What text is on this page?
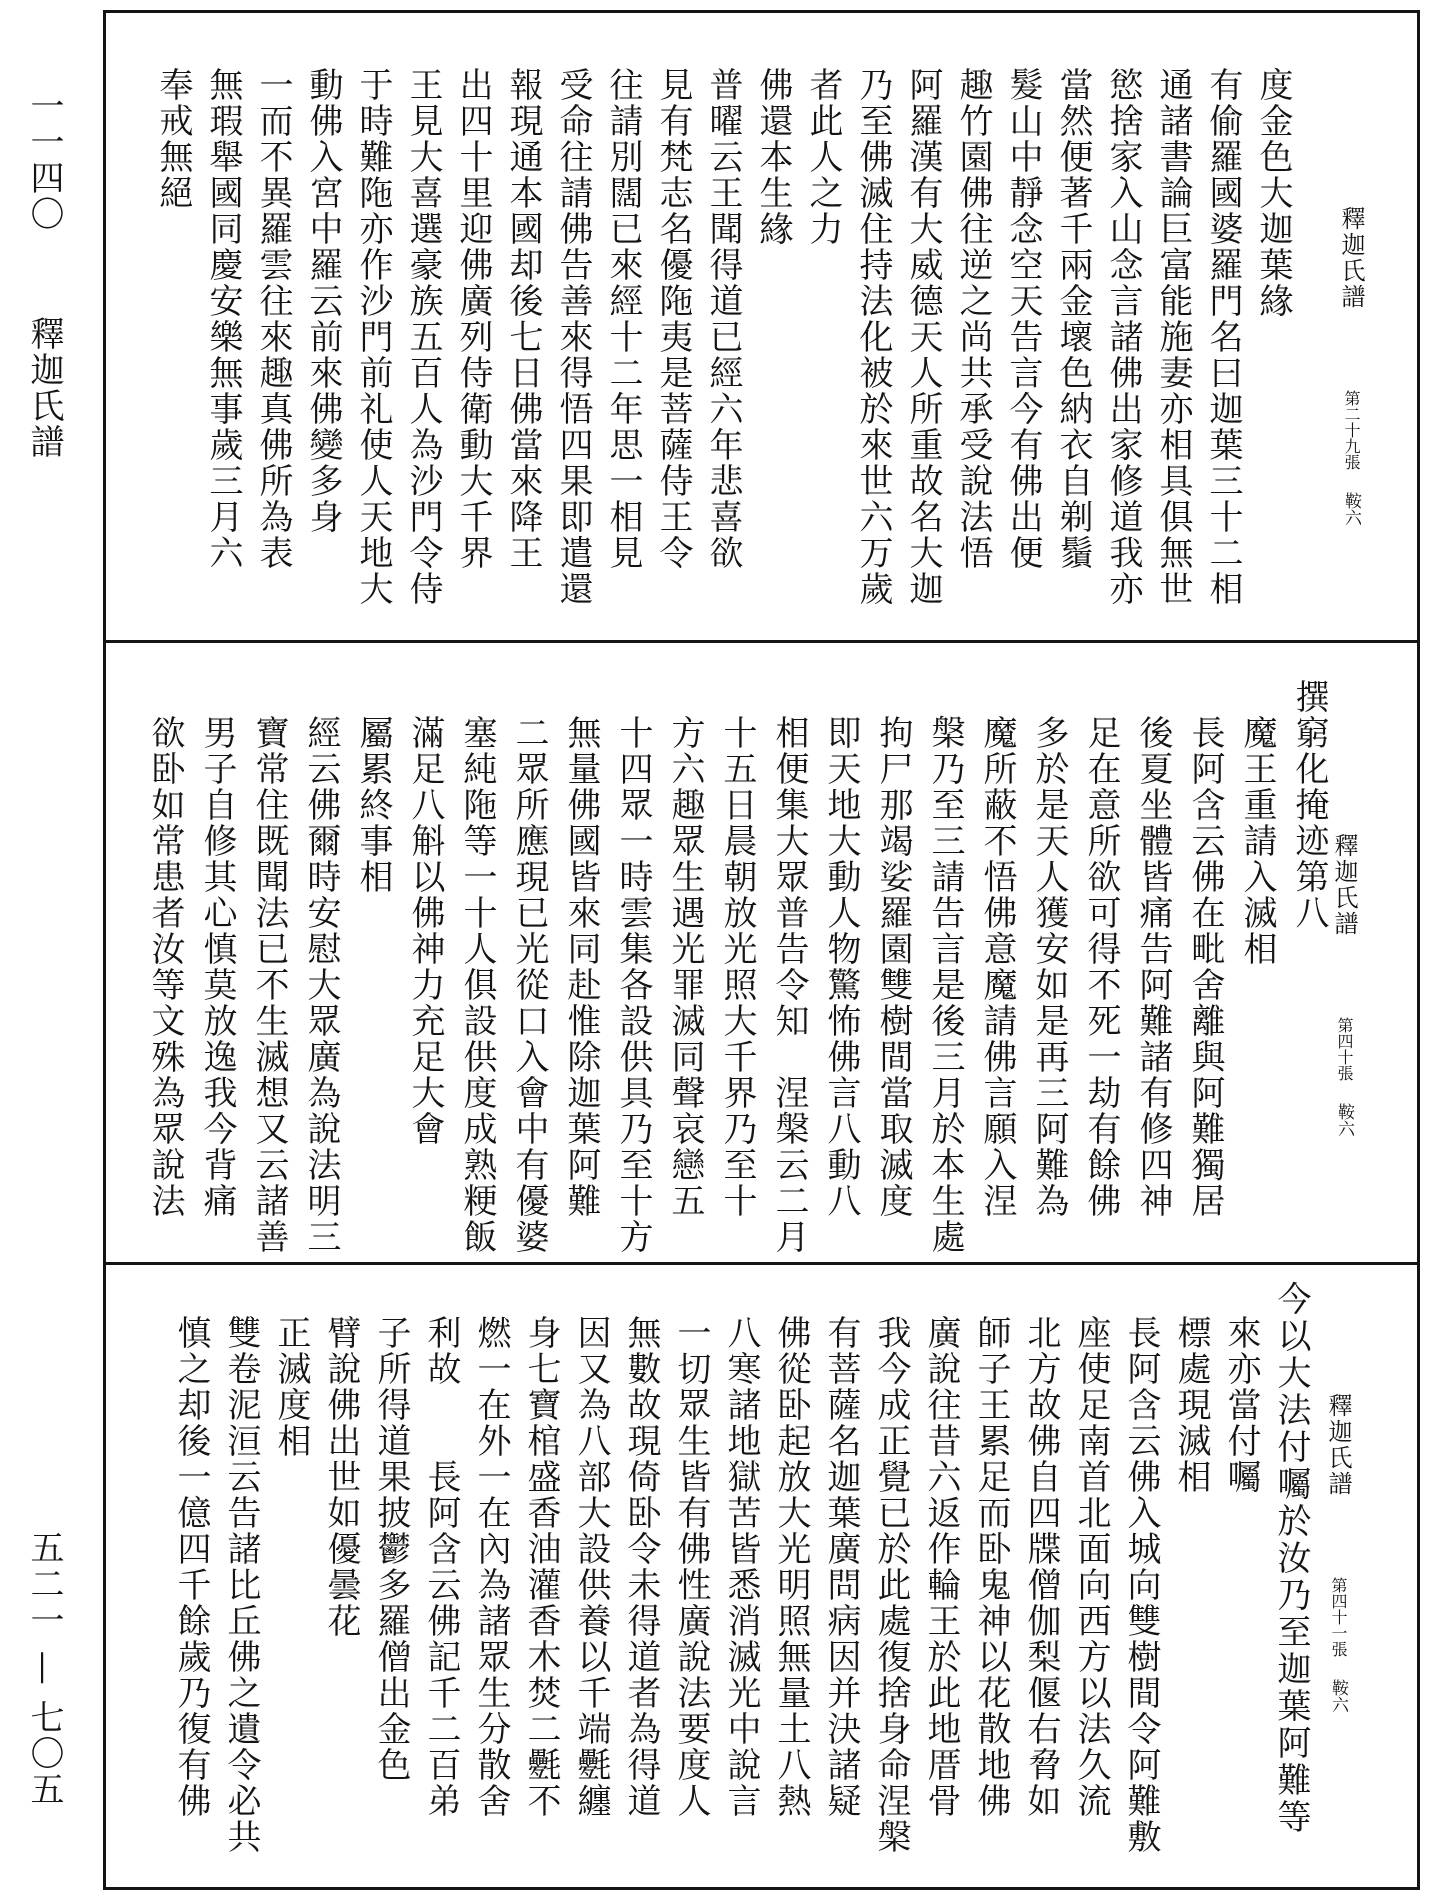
一一四〇
釋迦氏譜
五二一 — 七〇五
釋迦氏譜
第二十九張
鞍六
度金色大迦葉緣
有偷羅國婆羅門名曰迦葉三十二相
通諸書論巨富能施妻亦相具俱無世
慾捨家入山念言諸佛出家修道我亦
當然便著千兩金壞色納衣自剃鬚
髮山中靜念空天告言今有佛出便
趣竹園佛往逆之尚共承受說法悟
阿羅漢有大威德天人所重故名大迦
乃至佛滅住持法化被於來世六万歲
者此人之力
佛還本生緣
普曜云王聞得道已經六年悲喜欲
見有梵志名優陁夷是菩薩侍王令
往請別闊已來經十二年思一相見
受命往請佛告善來得悟四果即遣還
報現通本國却後七日佛當來降王
出四十里迎佛廣列侍衛動大千界
王見大喜選豪族五百人為沙門令侍
于時難陁亦作沙門前礼使人天地大
動佛入宮中羅云前來佛變多身
一而不異羅雲往來趣真佛所為表
無瑕舉國同慶安樂無事歲三月六
奉戒無絕
釋迦氏譜
第四十張
鞍六
撰窮化掩迹第八
魔王重請入滅相
長阿含云佛在毗舍離與阿難獨居
後夏坐體皆痛告阿難諸有修四神
足在意所欲可得不死一劫有餘佛
多於是天人獲安如是再三阿難為
魔所蔽不悟佛意魔請佛言願入涅
槃乃至三請告言是後三月於本生處
拘尸那竭娑羅園雙樹間當取滅度
即天地大動人物驚怖佛言八動八
相便集大眾普告令知　涅槃云二月
十五日晨朝放光照大千界乃至十
方六趣眾生遇光罪滅同聲哀戀五
十四眾一時雲集各設供具乃至十方
無量佛國皆來同赴惟除迦葉阿難
二眾所應現已光從口入會中有優婆
塞純陁等一十人俱設供度成熟粳飯
滿足八斛以佛神力充足大會
屬累終事相
經云佛爾時安慰大眾廣為說法明三
寶常住既聞法已不生滅想又云諸善
男子自修其心慎莫放逸我今背痛
欲卧如常患者汝等文殊為眾說法
釋迦氏譜
第四十一張
鞍六
今以大法付囑於汝乃至迦葉阿難等
來亦當付囑
標處現滅相
長阿含云佛入城向雙樹間令阿難敷
座使足南首北面向西方以法久流
北方故佛自四牒僧伽梨偃右脅如
師子王累足而卧鬼神以花散地佛
廣說往昔六返作輪王於此地厝骨
我今成正覺已於此處復捨身命涅槃
有菩薩名迦葉廣問病因并決諸疑
佛從卧起放大光明照無量土八熱
八寒諸地獄苦皆悉消滅光中說言
一切眾生皆有佛性廣說法要度人
無數故現倚卧令未得道者為得道
因又為八部大設供養以千端氎纏
身七寶棺盛香油灌香木焚二氎不
燃一在外一在內為諸眾生分散舍
利故　　長阿含云佛記千二百弟
子所得道果披鬱多羅僧出金色
臂說佛出世如優曇花
正滅度相
雙卷泥洹云告諸比丘佛之遺令必共
慎之却後一億四千餘歲乃復有佛
